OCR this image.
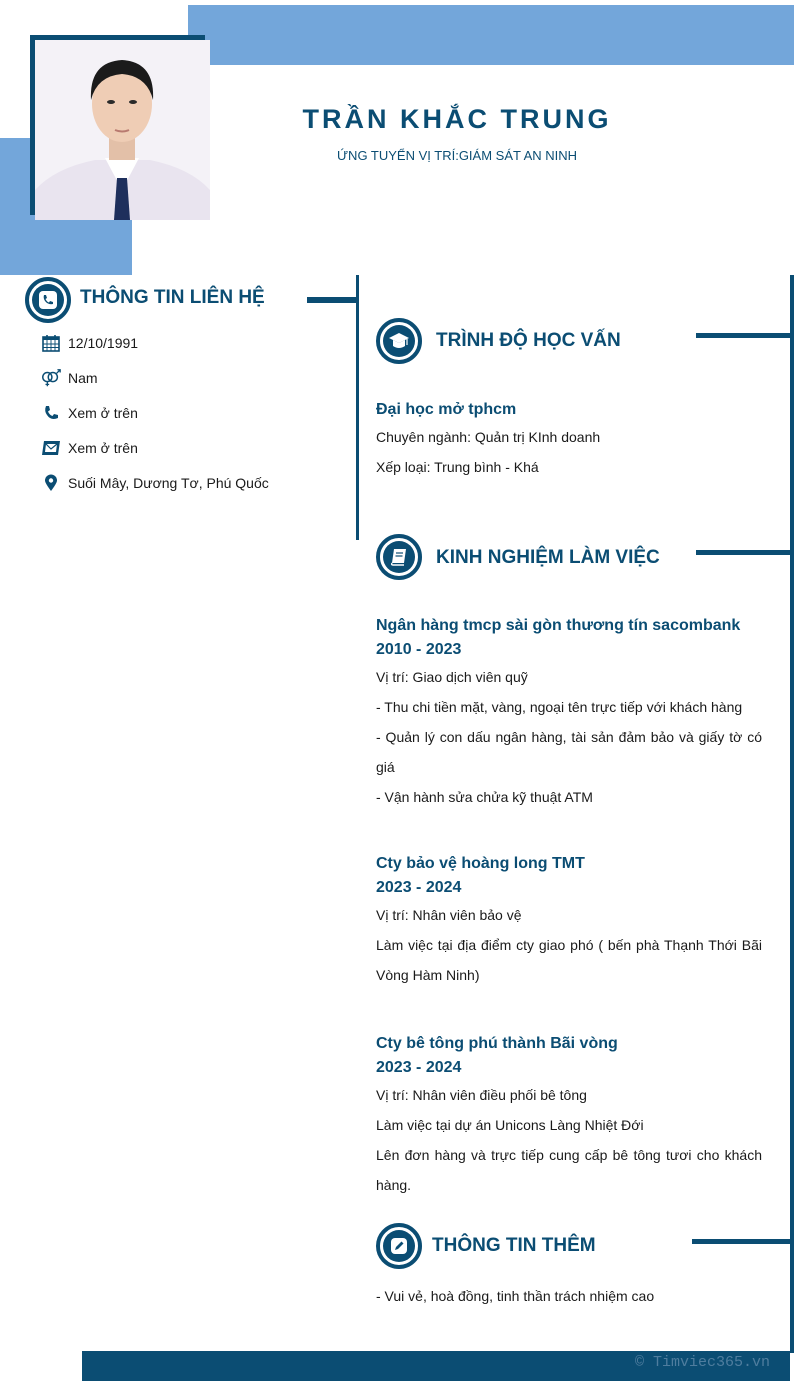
TRẦN KHẮC TRUNG
ỨNG TUYỂN VỊ TRÍ:GIÁM SÁT AN NINH
THÔNG TIN LIÊN HỆ
12/10/1991
Nam
Xem ở trên
Xem ở trên
Suối Mây, Dương Tơ, Phú Quốc
TRÌNH ĐỘ HỌC VẤN
Đại học mở tphcm
Chuyên ngành: Quản trị KInh doanh
Xếp loại: Trung bình - Khá
KINH NGHIỆM LÀM VIỆC
Ngân hàng tmcp sài gòn thương tín sacombank
2010 - 2023
Vị trí: Giao dịch viên quỹ
- Thu chi tiền mặt, vàng, ngoại tên trực tiếp với khách hàng
- Quản lý con dấu ngân hàng, tài sản đảm bảo và giấy tờ có giá
- Vận hành sửa chửa kỹ thuật ATM
Cty bảo vệ hoàng long TMT
2023 - 2024
Vị trí: Nhân viên bảo vệ
Làm việc tại địa điểm cty giao phó ( bến phà Thạnh Thới Bãi Vòng Hàm Ninh)
Cty bê tông phú thành Bãi vòng
2023 - 2024
Vị trí: Nhân viên điều phối bê tông
Làm việc tại dự án Unicons Làng Nhiệt Đới
Lên đơn hàng và trực tiếp cung cấp bê tông tươi cho khách hàng.
THÔNG TIN THÊM
- Vui vẻ, hoà đồng, tinh thần trách nhiệm cao
© Timviec365.vn
